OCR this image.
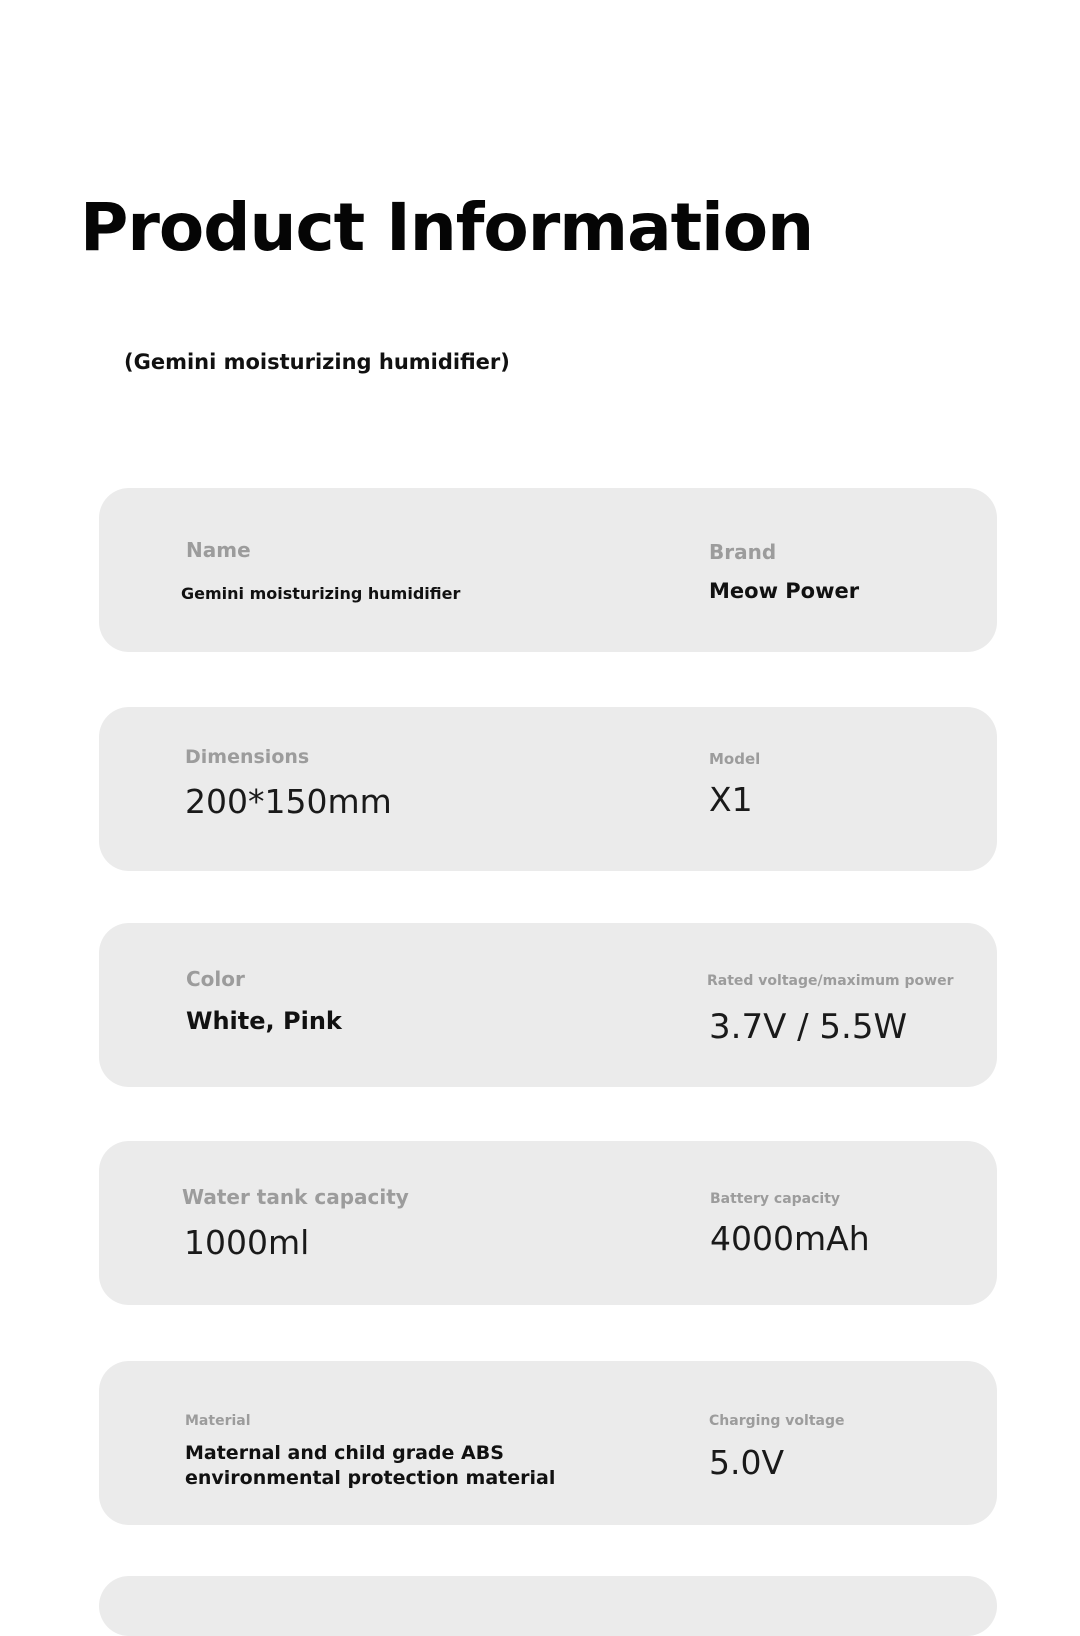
Product Information

(Gemini moisturizing humidifier)

Name

Gemini moisturizing humidifier

Brand

Meow Power

Dimensions

200*150mm

Model

X1

Color

White, Pink

Rated voltage/maximum power

3.7V / 5.5W

Water tank capacity

1000ml

Battery capacity

4000mAh

Material

Maternal and child grade ABS

environmental protection material

Charging voltage

5.0V
